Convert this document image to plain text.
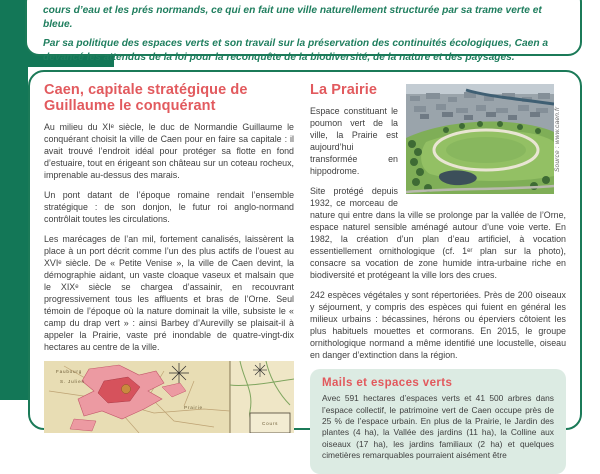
cours d’eau et les prés normands, ce qui en fait une ville naturellement structurée par sa trame verte et bleue.

Par sa politique des espaces verts et son travail sur la préservation des continuités écologiques, Caen a devancé les attendus de la loi pour la reconquête de la biodiversité, de la nature et des paysages.

Caen, capitale stratégique de Guillaume le conquérant

Au milieu du XIᵉ siècle, le duc de Normandie Guillaume le conquérant choisit la ville de Caen pour en faire sa capitale : il avait trouvé l’endroit idéal pour protéger sa flotte en fond d’estuaire, tout en érigeant son château sur un coteau rocheux, imprenable au-dessus des marais.

Un pont datant de l’époque romaine rendait l’ensemble stratégique : de son donjon, le futur roi anglo-normand contrôlait toutes les circulations.

Les marécages de l’an mil, fortement canalisés, laissèrent la place à un port décrit comme l’un des plus actifs de l’ouest au XVIᵉ siècle. De « Petite Venise », la ville de Caen devint, la démographie aidant, un vaste cloaque vaseux et malsain que le XIXᵉ siècle se chargea d’assainir, en recouvrant progressivement tous les affluents et bras de l’Orne. Seul témoin de l’époque où la nature dominait la ville, subsiste le « camp du drap vert » : ainsi Barbey d’Aurevilly se plaisait-il à appeler la Prairie, vaste pré inondable de quatre-vingt-dix hectares au centre de la ville.

Cours
Faubourg
S. Julien
Prairie
Source : www.caen.fr
La Prairie

Espace constituant le poumon vert de la ville, la Prairie est aujourd’hui transformée en hippodrome.

Site protégé depuis 1932, ce morceau de nature qui entre dans la ville se prolonge par la vallée de l’Orne, espace naturel sensible aménagé autour d’une voie verte. En 1982, la création d’un plan d’eau artificiel, à vocation essentiellement ornithologique (cf. 1ᵉʳ plan sur la photo), consacre sa vocation de zone humide intra-urbaine riche en biodiversité et protégeant la ville lors des crues.

242 espèces végétales y sont répertoriées. Près de 200 oiseaux y séjournent, y compris des espèces qui fuient en général les milieux urbains : bécassines, hérons ou éperviers côtoient les plus habituels mouettes et cormorans. En 2015, le groupe ornithologique normand a même identifié une locustelle, oiseau en danger d’extinction dans la région.

Mails et espaces verts

Avec 591 hectares d’espaces verts et 41 500 arbres dans l’espace collectif, le patrimoine vert de Caen occupe près de 25 % de l’espace urbain. En plus de la Prairie, le Jardin des plantes (4 ha), la Vallée des jardins (11 ha), la Colline aux oiseaux (17 ha), les jardins familiaux (2 ha) et quelques cimetières remarquables pourraient aisément être
